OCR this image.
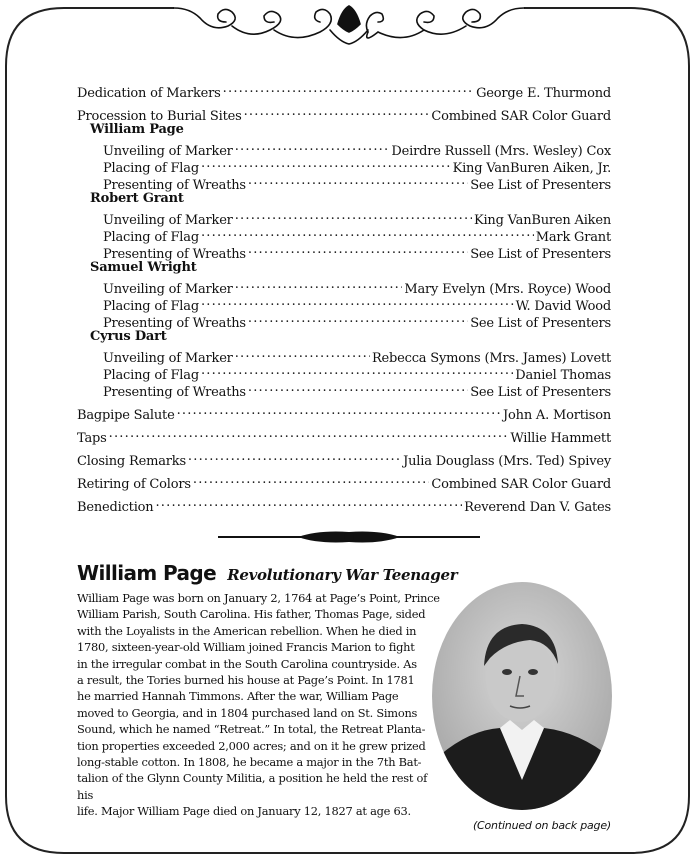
Dedication of Markers .....	George E. Thurmond
Procession to Burial Sites .....	Combined SAR Color Guard
William Page
Unveiling of Marker .....	Deirdre Russell (Mrs. Wesley) Cox
Placing of Flag .....	King VanBuren Aiken, Jr.
Presenting of Wreaths .....	See List of Presenters
Robert Grant
Unveiling of Marker .....	King VanBuren Aiken
Placing of Flag .....	Mark Grant
Presenting of Wreaths .....	See List of Presenters
Samuel Wright
Unveiling of Marker .....	Mary Evelyn (Mrs. Royce) Wood
Placing of Flag .....	W. David Wood
Presenting of Wreaths .....	See List of Presenters
Cyrus Dart
Unveiling of Marker .....	Rebecca Symons (Mrs. James) Lovett
Placing of Flag .....	Daniel Thomas
Presenting of Wreaths .....	See List of Presenters
Bagpipe Salute .....	John A. Mortison
Taps .....	Willie Hammett
Closing Remarks .....	Julia Douglass (Mrs. Ted) Spivey
Retiring of Colors .....	Combined SAR Color Guard
Benediction .....	Reverend Dan V. Gates
William Page Revolutionary War Teenager

William Page was born on January 2, 1764 at Page’s Point, Prince

William Parish, South Carolina. His father, Thomas Page, sided

with the Loyalists in the American rebellion. When he died in

1780, sixteen-year-old William joined Francis Marion to fight

in the irregular combat in the South Carolina countryside. As

a result, the Tories burned his house at Page’s Point. In 1781

he married Hannah Timmons. After the war, William Page

moved to Georgia, and in 1804 purchased land on St. Simons

Sound, which he named “Retreat.” In total, the Retreat Planta-

tion properties exceeded 2,000 acres; and on it he grew prized

long-stable cotton. In 1808, he became a major in the 7th Bat-

talion of the Glynn County Militia, a position he held the rest of his

life. Major William Page died on January 12, 1827 at age 63.

(Continued on back page)
